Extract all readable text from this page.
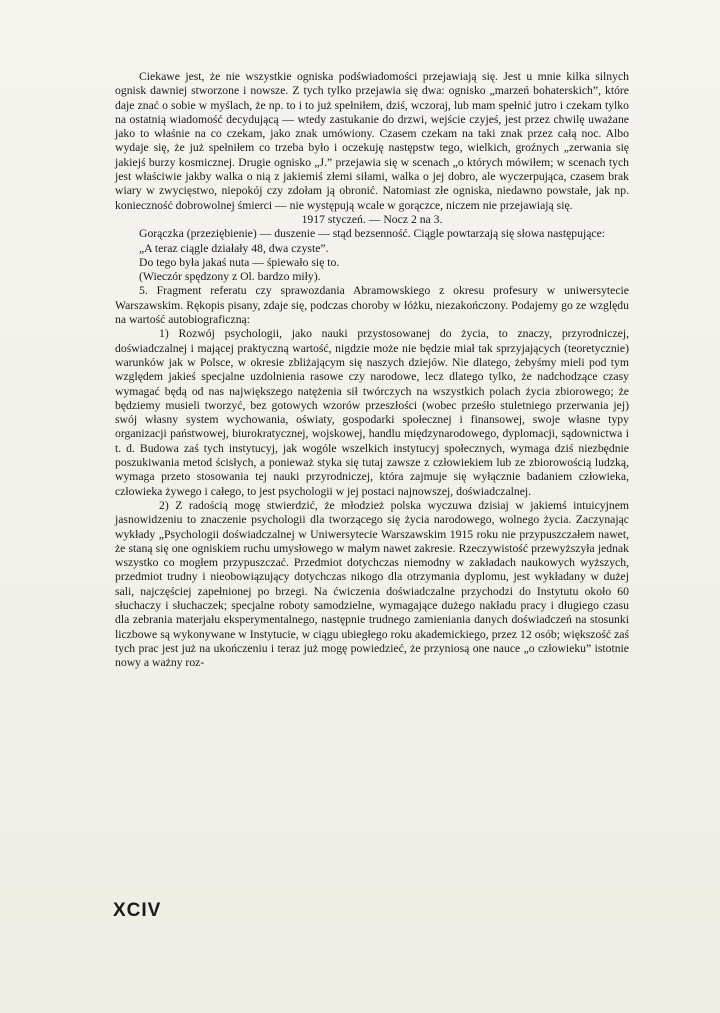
Ciekawe jest, że nie wszystkie ogniska podświadomości przejawiają się. Jest u mnie kilka silnych ognisk dawniej stworzone i nowsze. Z tych tylko przejawia się dwa: ognisko „marzeń bohaterskich”, które daje znać o sobie w myślach, że np. to i to już spełniłem, dziś, wczoraj, lub mam spełnić jutro i czekam tylko na ostatnią wiadomość decydującą — wtedy zastukanie do drzwi, wejście czyjeś, jest przez chwilę uważane jako to właśnie na co czekam, jako znak umówiony. Czasem czekam na taki znak przez całą noc. Albo wydaje się, że już spełniłem co trzeba było i oczekuję następstw tego, wielkich, groźnych „zerwania się jakiejś burzy kosmicznej. Drugie ognisko „J.” przejawia się w scenach „o których mówiłem; w scenach tych jest właściwie jakby walka o nią z jakiemiś złemi siłami, walka o jej dobro, ale wyczerpująca, czasem brak wiary w zwycięstwo, niepokój czy zdołam ją obronić. Natomiast złe ogniska, niedawno powstałe, jak np. konieczność dobrowolnej śmierci — nie występują wcale w gorączce, niczem nie przejawiają się.

1917 styczeń. — Nocz 2 na 3.

Gorączka (przeziębienie) — duszenie — stąd bezsenność. Ciągle powtarzają się słowa następujące:

„A teraz ciągle działały 48, dwa czyste”.

Do tego była jakaś nuta — śpiewało się to.

(Wieczór spędzony z Ol. bardzo miły).

5. Fragment referatu czy sprawozdania Abramowskiego z okresu profesury w uniwersytecie Warszawskim. Rękopis pisany, zdaje się, podczas choroby w łóżku, niezakończony. Podajemy go ze względu na wartość autobiograficzną:

1) Rozwój psychologii, jako nauki przystosowanej do życia, to znaczy, przyrodniczej, doświadczalnej i mającej praktyczną wartość, nigdzie może nie będzie miał tak sprzyjających (teoretycznie) warunków jak w Polsce, w okresie zbliżającym się naszych dziejów. Nie dlatego, żebyśmy mieli pod tym względem jakieś specjalne uzdolnienia rasowe czy narodowe, lecz dlatego tylko, że nadchodzące czasy wymagać będą od nas największego natężenia sił twórczych na wszystkich polach życia zbiorowego; że będziemy musieli tworzyć, bez gotowych wzorów przeszłości (wobec prześło stuletniego przerwania jej) swój własny system wychowania, oświaty, gospodarki społecznej i finansowej, swoje własne typy organizacji państwowej, biurokratycznej, wojskowej, handlu międzynarodowego, dyplomacji, sądownictwa i t. d. Budowa zaś tych instytucyj, jak wogóle wszelkich instytucyj społecznych, wymaga dziś niezbędnie poszukiwania metod ścisłych, a ponieważ styka się tutaj zawsze z człowiekiem lub ze zbiorowością ludzką, wymaga przeto stosowania tej nauki przyrodniczej, która zajmuje się wyłącznie badaniem człowieka, człowieka żywego i całego, to jest psychologii w jej postaci najnowszej, doświadczalnej.

2) Z radością mogę stwierdzić, że młodzież polska wyczuwa dzisiaj w jakiemś intuicyjnem jasnowidzeniu to znaczenie psychologii dla tworzącego się życia narodowego, wolnego życia. Zaczynając wykłady „Psychologii doświadczalnej w Uniwersytecie Warszawskim 1915 roku nie przypuszczałem nawet, że staną się one ogniskiem ruchu umysłowego w małym nawet zakresie. Rzeczywistość przewyższyła jednak wszystko co mogłem przypuszczać. Przedmiot dotychczas niemodny w zakładach naukowych wyższych, przedmiot trudny i nieobowiązujący dotychczas nikogo dla otrzymania dyplomu, jest wykładany w dużej sali, najczęściej zapełnionej po brzegi. Na ćwiczenia doświadczalne przychodzi do Instytutu około 60 słuchaczy i słuchaczek; specjalne roboty samodzielne, wymagające dużego nakładu pracy i długiego czasu dla zebrania materjału eksperymentalnego, następnie trudnego zamieniania danych doświadczeń na stosunki liczbowe są wykonywane w Instytucie, w ciągu ubiegłego roku akademickiego, przez 12 osób; większość zaś tych prac jest już na ukończeniu i teraz już mogę powiedzieć, że przyniosą one nauce „o człowieku” istotnie nowy a ważny roz-

XCIV
